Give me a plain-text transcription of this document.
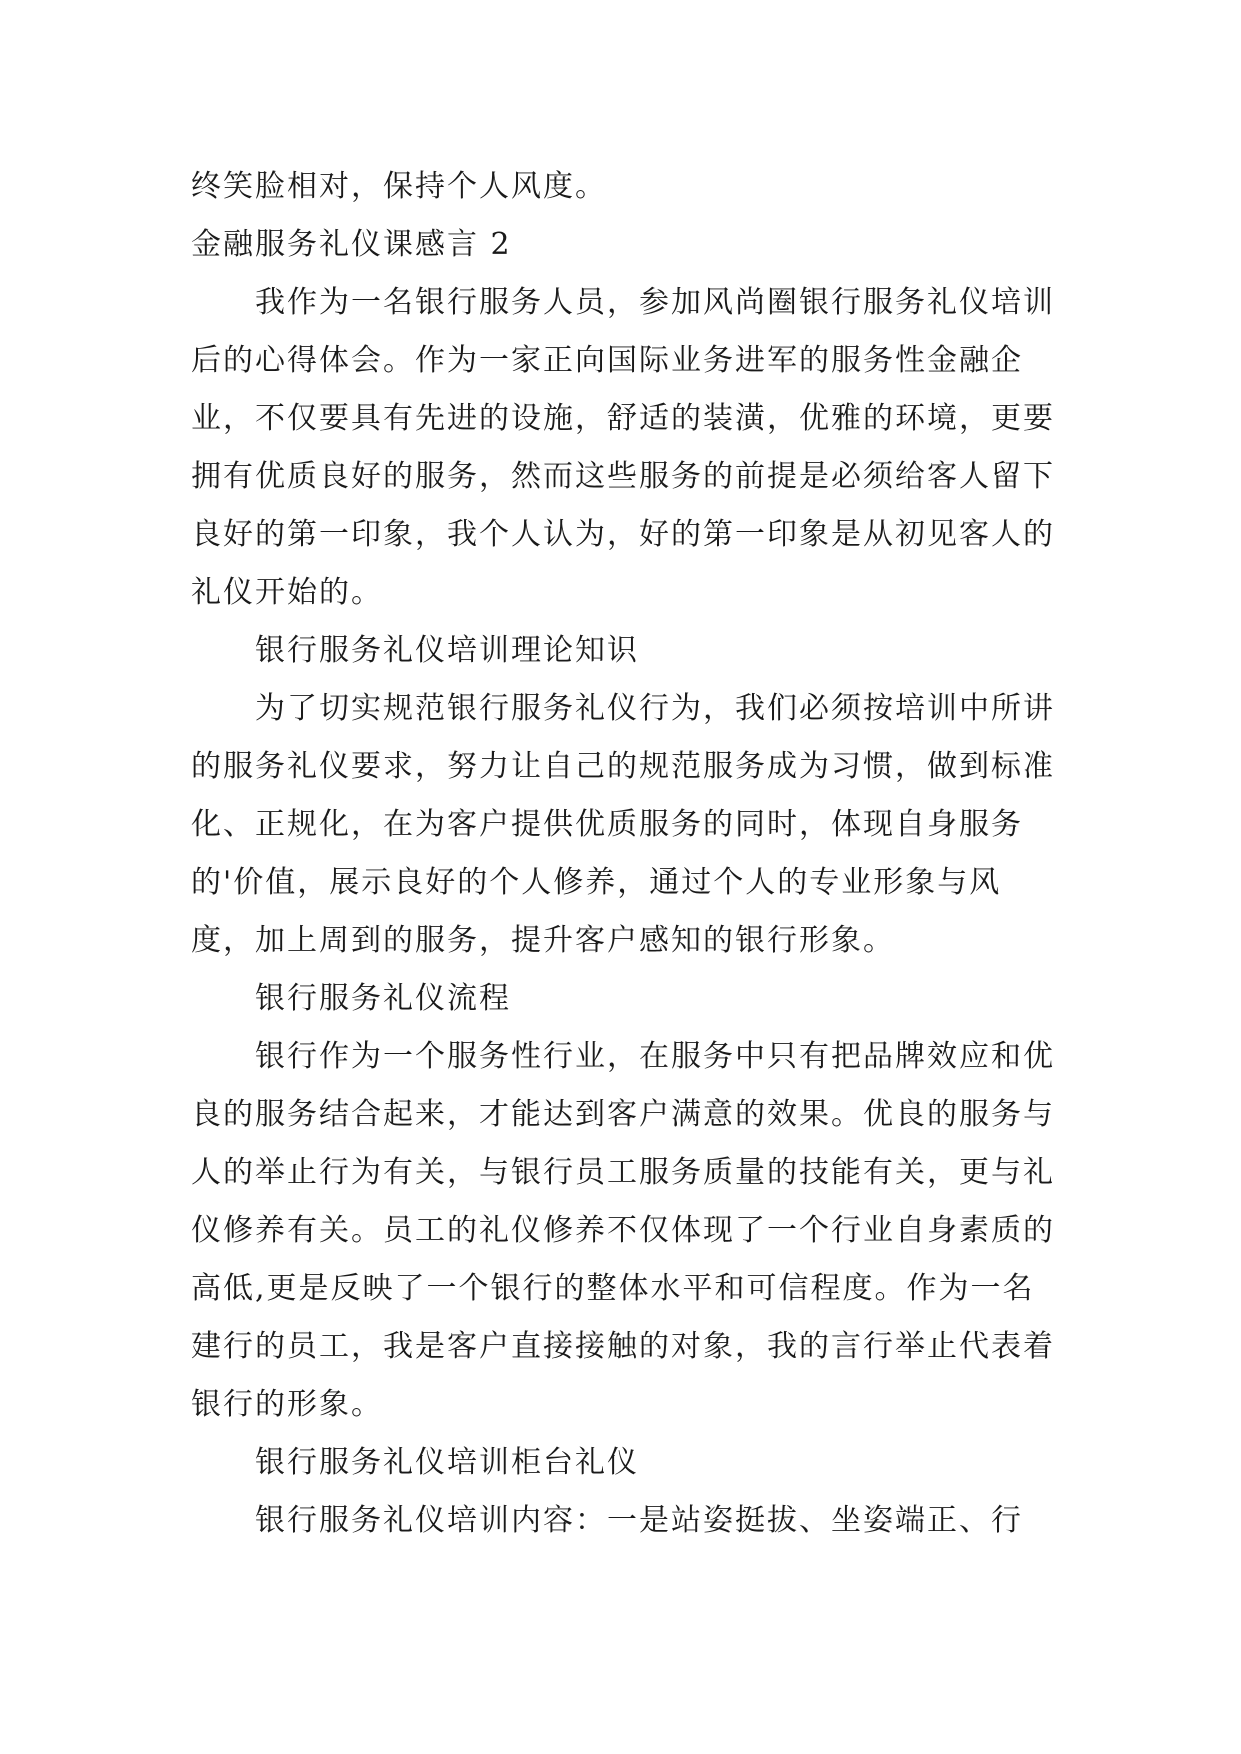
终笑脸相对，保持个人风度。

金融服务礼仪课感言 2

我作为一名银行服务人员，参加风尚圈银行服务礼仪培训后的心得体会。作为一家正向国际业务进军的服务性金融企业，不仅要具有先进的设施，舒适的装潢，优雅的环境，更要拥有优质良好的服务，然而这些服务的前提是必须给客人留下良好的第一印象，我个人认为，好的第一印象是从初见客人的礼仪开始的。

银行服务礼仪培训理论知识

为了切实规范银行服务礼仪行为，我们必须按培训中所讲的服务礼仪要求，努力让自己的规范服务成为习惯，做到标准化、正规化，在为客户提供优质服务的同时，体现自身服务的'价值，展示良好的个人修养，通过个人的专业形象与风度，加上周到的服务，提升客户感知的银行形象。

银行服务礼仪流程

银行作为一个服务性行业，在服务中只有把品牌效应和优良的服务结合起来，才能达到客户满意的效果。优良的服务与人的举止行为有关，与银行员工服务质量的技能有关，更与礼仪修养有关。员工的礼仪修养不仅体现了一个行业自身素质的高低,更是反映了一个银行的整体水平和可信程度。作为一名建行的员工，我是客户直接接触的对象，我的言行举止代表着银行的形象。

银行服务礼仪培训柜台礼仪

银行服务礼仪培训内容：一是站姿挺拔、坐姿端正、行
